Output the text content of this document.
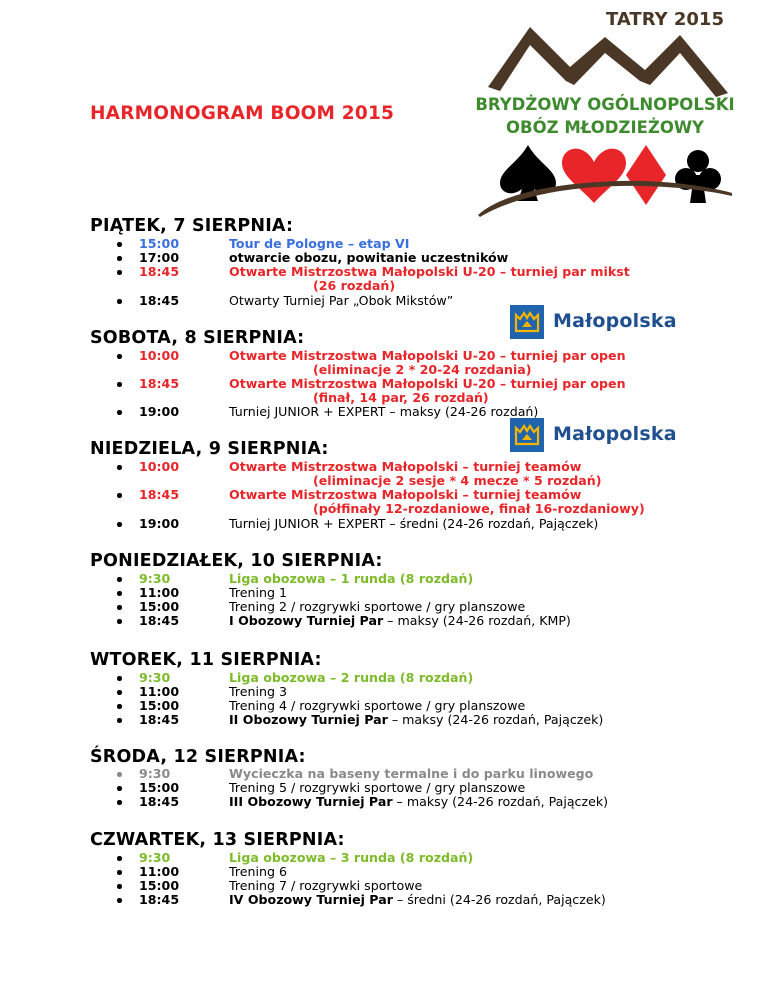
HARMONOGRAM BOOM 2015
TATRY 2015
BRYDŻOWY OGÓLNOPOLSKI
OBÓZ MŁODZIEŻOWY
Małopolska
Małopolska
PIĄTEK, 7 SIERPNIA:
15:00	Tour de Pologne – etap VI
17:00	otwarcie obozu, powitanie uczestników
18:45	Otwarte Mistrzostwa Małopolski U-20 – turniej par mikst
(26 rozdań)
18:45	Otwarty Turniej Par „Obok Mikstów”
SOBOTA, 8 SIERPNIA:
10:00	Otwarte Mistrzostwa Małopolski U-20 – turniej par open
(eliminacje 2 * 20-24 rozdania)
18:45	Otwarte Mistrzostwa Małopolski U-20 – turniej par open
(finał, 14 par, 26 rozdań)
19:00	Turniej JUNIOR + EXPERT – maksy (24-26 rozdań)
NIEDZIELA, 9 SIERPNIA:
10:00	Otwarte Mistrzostwa Małopolski – turniej teamów
(eliminacje 2 sesje * 4 mecze * 5 rozdań)
18:45	Otwarte Mistrzostwa Małopolski – turniej teamów
(półfinały 12-rozdaniowe, finał 16-rozdaniowy)
19:00	Turniej JUNIOR + EXPERT – średni (24-26 rozdań, Pajączek)
PONIEDZIAŁEK, 10 SIERPNIA:
9:30	Liga obozowa – 1 runda (8 rozdań)
11:00	Trening 1
15:00	Trening 2 / rozgrywki sportowe / gry planszowe
18:45	I Obozowy Turniej Par – maksy (24-26 rozdań, KMP)
WTOREK, 11 SIERPNIA:
9:30	Liga obozowa – 2 runda (8 rozdań)
11:00	Trening 3
15:00	Trening 4 / rozgrywki sportowe / gry planszowe
18:45	II Obozowy Turniej Par – maksy (24-26 rozdań, Pajączek)
ŚRODA, 12 SIERPNIA:
9:30	Wycieczka na baseny termalne i do parku linowego
15:00	Trening 5 / rozgrywki sportowe / gry planszowe
18:45	III Obozowy Turniej Par – maksy (24-26 rozdań, Pajączek)
CZWARTEK, 13 SIERPNIA:
9:30	Liga obozowa – 3 runda (8 rozdań)
11:00	Trening 6
15:00	Trening 7 / rozgrywki sportowe
18:45	IV Obozowy Turniej Par – średni (24-26 rozdań, Pajączek)
